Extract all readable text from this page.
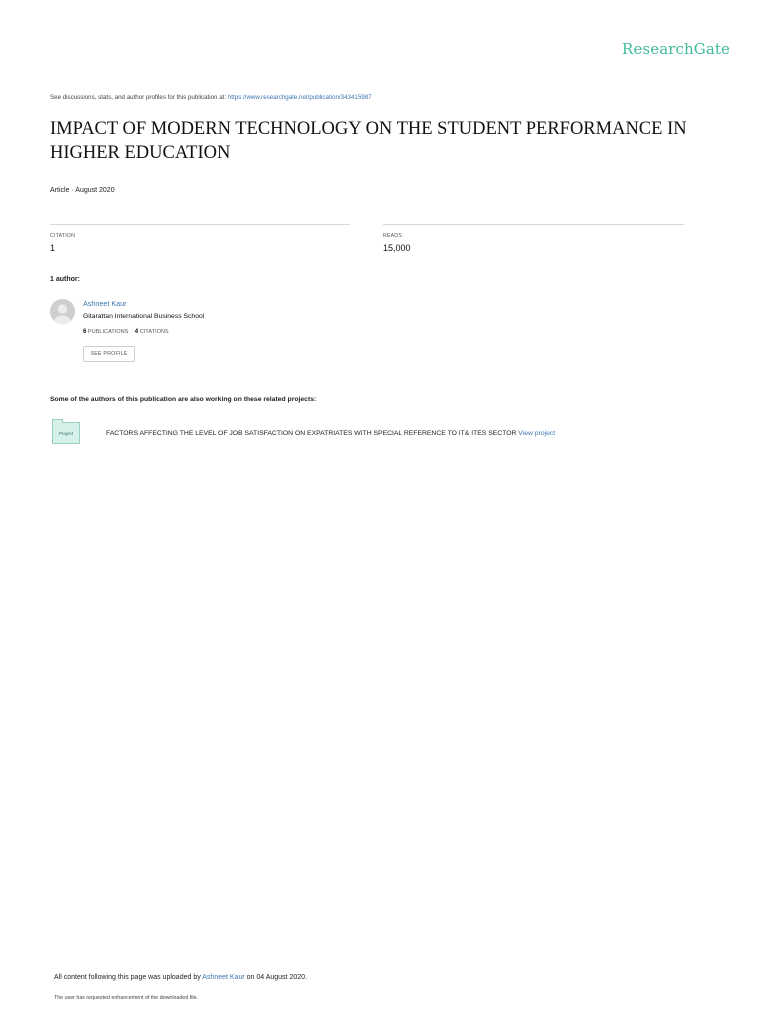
ResearchGate
See discussions, stats, and author profiles for this publication at: https://www.researchgate.net/publication/343415987
IMPACT OF MODERN TECHNOLOGY ON THE STUDENT PERFORMANCE IN HIGHER EDUCATION
Article · August 2020
CITATION
1
READS
15,000
1 author:
Ashneet Kaur
Gitarattan International Business School
6 PUBLICATIONS 4 CITATIONS
SEE PROFILE
Some of the authors of this publication are also working on these related projects:
Project	FACTORS AFFECTING THE LEVEL OF JOB SATISFACTION ON EXPATRIATES WITH SPECIAL REFERENCE TO IT& ITES SECTOR View project
All content following this page was uploaded by Ashneet Kaur on 04 August 2020.
The user has requested enhancement of the downloaded file.
